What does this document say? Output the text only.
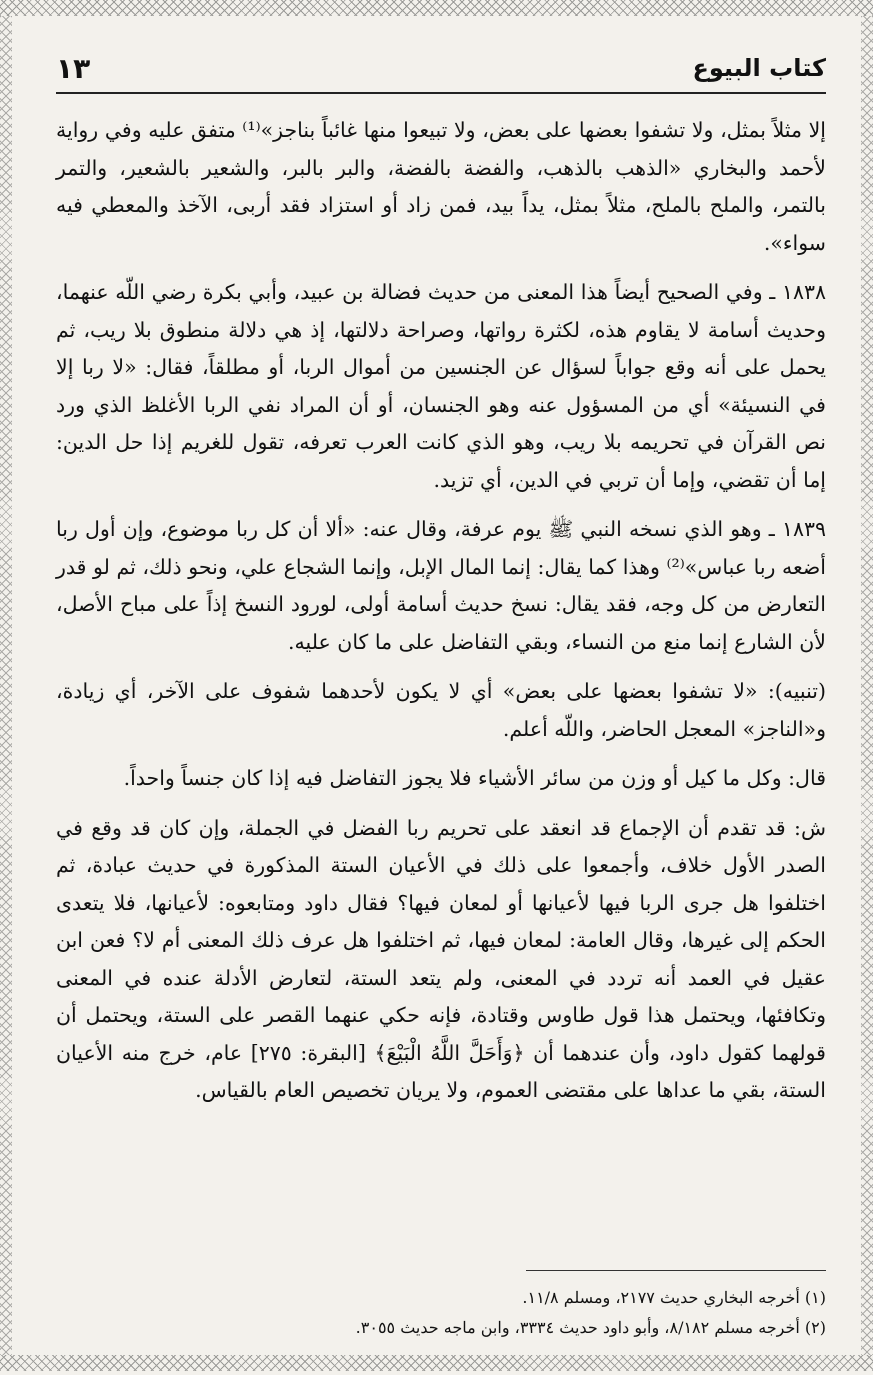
١٣	كتاب البيوع

إلا مثلاً بمثل، ولا تشفوا بعضها على بعض، ولا تبيعوا منها غائباً بناجز»⁽¹⁾ متفق عليه وفي رواية لأحمد والبخاري «الذهب بالذهب، والفضة بالفضة، والبر بالبر، والشعير بالشعير، والتمر بالتمر، والملح بالملح، مثلاً بمثل، يداً بيد، فمن زاد أو استزاد فقد أربى، الآخذ والمعطي فيه سواء».

١٨٣٨ ـ وفي الصحيح أيضاً هذا المعنى من حديث فضالة بن عبيد، وأبي بكرة رضي اللّه عنهما، وحديث أسامة لا يقاوم هذه، لكثرة رواتها، وصراحة دلالتها، إذ هي دلالة منطوق بلا ريب، ثم يحمل على أنه وقع جواباً لسؤال عن الجنسين من أموال الربا، أو مطلقاً، فقال: «لا ربا إلا في النسيئة» أي من المسؤول عنه وهو الجنسان، أو أن المراد نفي الربا الأغلظ الذي ورد نص القرآن في تحريمه بلا ريب، وهو الذي كانت العرب تعرفه، تقول للغريم إذا حل الدين: إما أن تقضي، وإما أن تربي في الدين، أي تزيد.

١٨٣٩ ـ وهو الذي نسخه النبي ﷺ يوم عرفة، وقال عنه: «ألا أن كل ربا موضوع، وإن أول ربا أضعه ربا عباس»⁽²⁾ وهذا كما يقال: إنما المال الإبل، وإنما الشجاع علي، ونحو ذلك، ثم لو قدر التعارض من كل وجه، فقد يقال: نسخ حديث أسامة أولى، لورود النسخ إذاً على مباح الأصل، لأن الشارع إنما منع من النساء، وبقي التفاضل على ما كان عليه.

(تنبيه): «لا تشفوا بعضها على بعض» أي لا يكون لأحدهما شفوف على الآخر، أي زيادة، و«الناجز» المعجل الحاضر، واللّه أعلم.

قال: وكل ما كيل أو وزن من سائر الأشياء فلا يجوز التفاضل فيه إذا كان جنساً واحداً.

ش: قد تقدم أن الإجماع قد انعقد على تحريم ربا الفضل في الجملة، وإن كان قد وقع في الصدر الأول خلاف، وأجمعوا على ذلك في الأعيان الستة المذكورة في حديث عبادة، ثم اختلفوا هل جرى الربا فيها لأعيانها أو لمعان فيها؟ فقال داود ومتابعوه: لأعيانها، فلا يتعدى الحكم إلى غيرها، وقال العامة: لمعان فيها، ثم اختلفوا هل عرف ذلك المعنى أم لا؟ فعن ابن عقيل في العمد أنه تردد في المعنى، ولم يتعد الستة، لتعارض الأدلة عنده في المعنى وتكافئها، ويحتمل هذا قول طاوس وقتادة، فإنه حكي عنهما القصر على الستة، ويحتمل أن قولهما كقول داود، وأن عندهما أن ﴿وَأَحَلَّ اللَّهُ الْبَيْعَ﴾ [البقرة: ٢٧٥] عام، خرج منه الأعيان الستة، بقي ما عداها على مقتضى العموم، ولا يريان تخصيص العام بالقياس.

(١) أخرجه البخاري حديث ٢١٧٧، ومسلم ١١/٨.

(٢) أخرجه مسلم ٨/١٨٢، وأبو داود حديث ٣٣٣٤، وابن ماجه حديث ٣٠٥٥.
